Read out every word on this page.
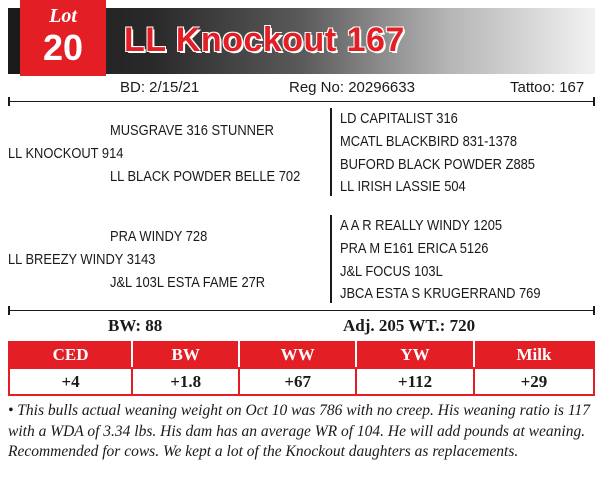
Lot
20	LL Knockout 167
BD: 2/15/21	Reg No: 20296633	Tattoo: 167
MUSGRAVE 316 STUNNER
LL KNOCKOUT 914
LL BLACK POWDER BELLE 702
LD CAPITALIST 316
MCATL BLACKBIRD 831-1378
BUFORD BLACK POWDER Z885
LL IRISH LASSIE 504
PRA WINDY 728
LL BREEZY WINDY 3143
J&L 103L ESTA FAME 27R
A A R REALLY WINDY 1205
PRA M E161 ERICA 5126
J&L FOCUS 103L
JBCA ESTA S KRUGERRAND 769
BW: 88	Adj. 205 WT.: 720
CED	BW	WW	YW	Milk
+4	+1.8	+67	+112	+29
• This bulls actual weaning weight on Oct 10 was 786 with no creep. His weaning ratio is 117 with a WDA of 3.34 lbs. His dam has an average WR of 104. He will add pounds at weaning. Recommended for cows. We kept a lot of the Knockout daughters as replacements.
